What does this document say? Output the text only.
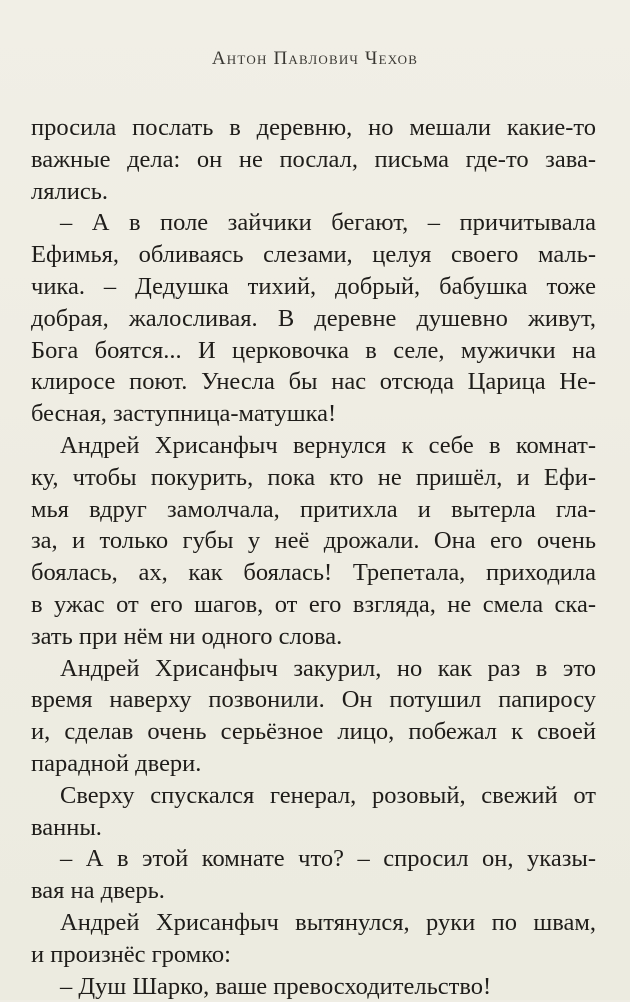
Антон Павлович Чехов
просила послать в деревню, но мешали какие-то
важные дела: он не послал, письма где-то зава-
лялись.
– А в поле зайчики бегают, – причитывала
Ефимья, обливаясь слезами, целуя своего маль-
чика. – Дедушка тихий, добрый, бабушка тоже
добрая, жалосливая. В деревне душевно живут,
Бога боятся... И церковочка в селе, мужички на
клиросе поют. Унесла бы нас отсюда Царица Не-
бесная, заступница-матушка!
Андрей Хрисанфыч вернулся к себе в комнат-
ку, чтобы покурить, пока кто не пришёл, и Ефи-
мья вдруг замолчала, притихла и вытерла гла-
за, и только губы у неё дрожали. Она его очень
боялась, ах, как боялась! Трепетала, приходила
в ужас от его шагов, от его взгляда, не смела ска-
зать при нём ни одного слова.
Андрей Хрисанфыч закурил, но как раз в это
время наверху позвонили. Он потушил папиросу
и, сделав очень серьёзное лицо, побежал к своей
парадной двери.
Сверху спускался генерал, розовый, свежий от
ванны.
– А в этой комнате что? – спросил он, указы-
вая на дверь.
Андрей Хрисанфыч вытянулся, руки по швам,
и произнёс громко:
– Душ Шарко, ваше превосходительство!
